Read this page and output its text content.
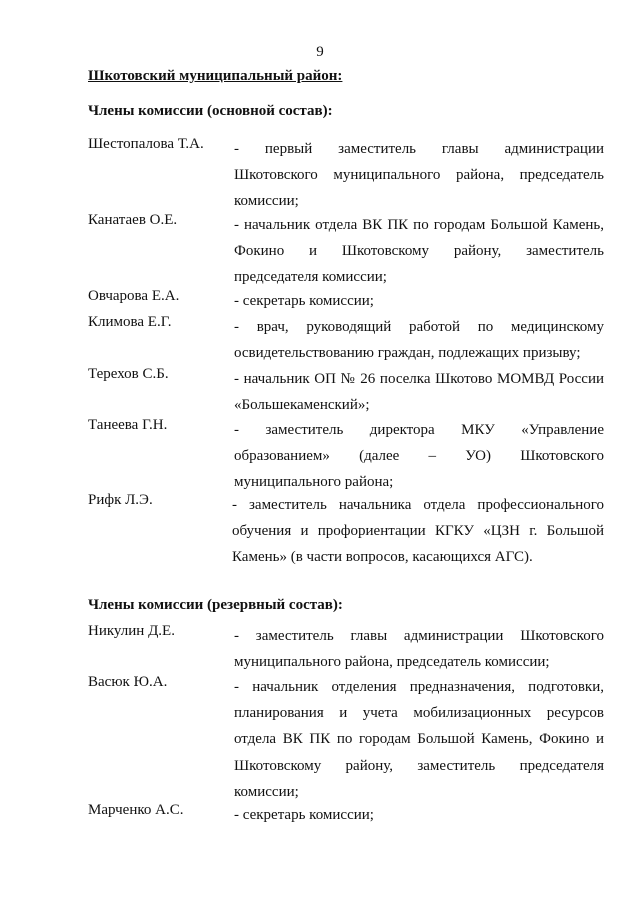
9
Шкотовский муниципальный район:
Члены комиссии (основной состав):
Шестопалова Т.А.	- первый заместитель главы администрации
Шкотовского муниципального района, председатель
комиссии;
Канатаев О.Е.	- начальник отдела ВК ПК по городам Большой Камень,
Фокино и Шкотовскому району, заместитель
председателя комиссии;
Овчарова Е.А.	- секретарь комиссии;
Климова Е.Г.	- врач, руководящий работой по медицинскому
освидетельствованию граждан, подлежащих призыву;
Терехов С.Б.	- начальник ОП № 26 поселка Шкотово МОМВД России
«Большекаменский»;
Танеева Г.Н.	- заместитель директора МКУ «Управление
образованием» (далее – УО) Шкотовского
муниципального района;
Рифк Л.Э.	- заместитель начальника отдела профессионального
обучения и профориентации КГКУ «ЦЗН г. Большой
Камень» (в части вопросов, касающихся АГС).
Члены комиссии (резервный состав):
Никулин Д.Е.	- заместитель главы администрации Шкотовского
муниципального района, председатель комиссии;
Васюк Ю.А.	- начальник отделения предназначения, подготовки,
планирования и учета мобилизационных ресурсов
отдела ВК ПК по городам Большой Камень, Фокино и
Шкотовскому району, заместитель председателя
комиссии;
Марченко А.С.	- секретарь комиссии;
